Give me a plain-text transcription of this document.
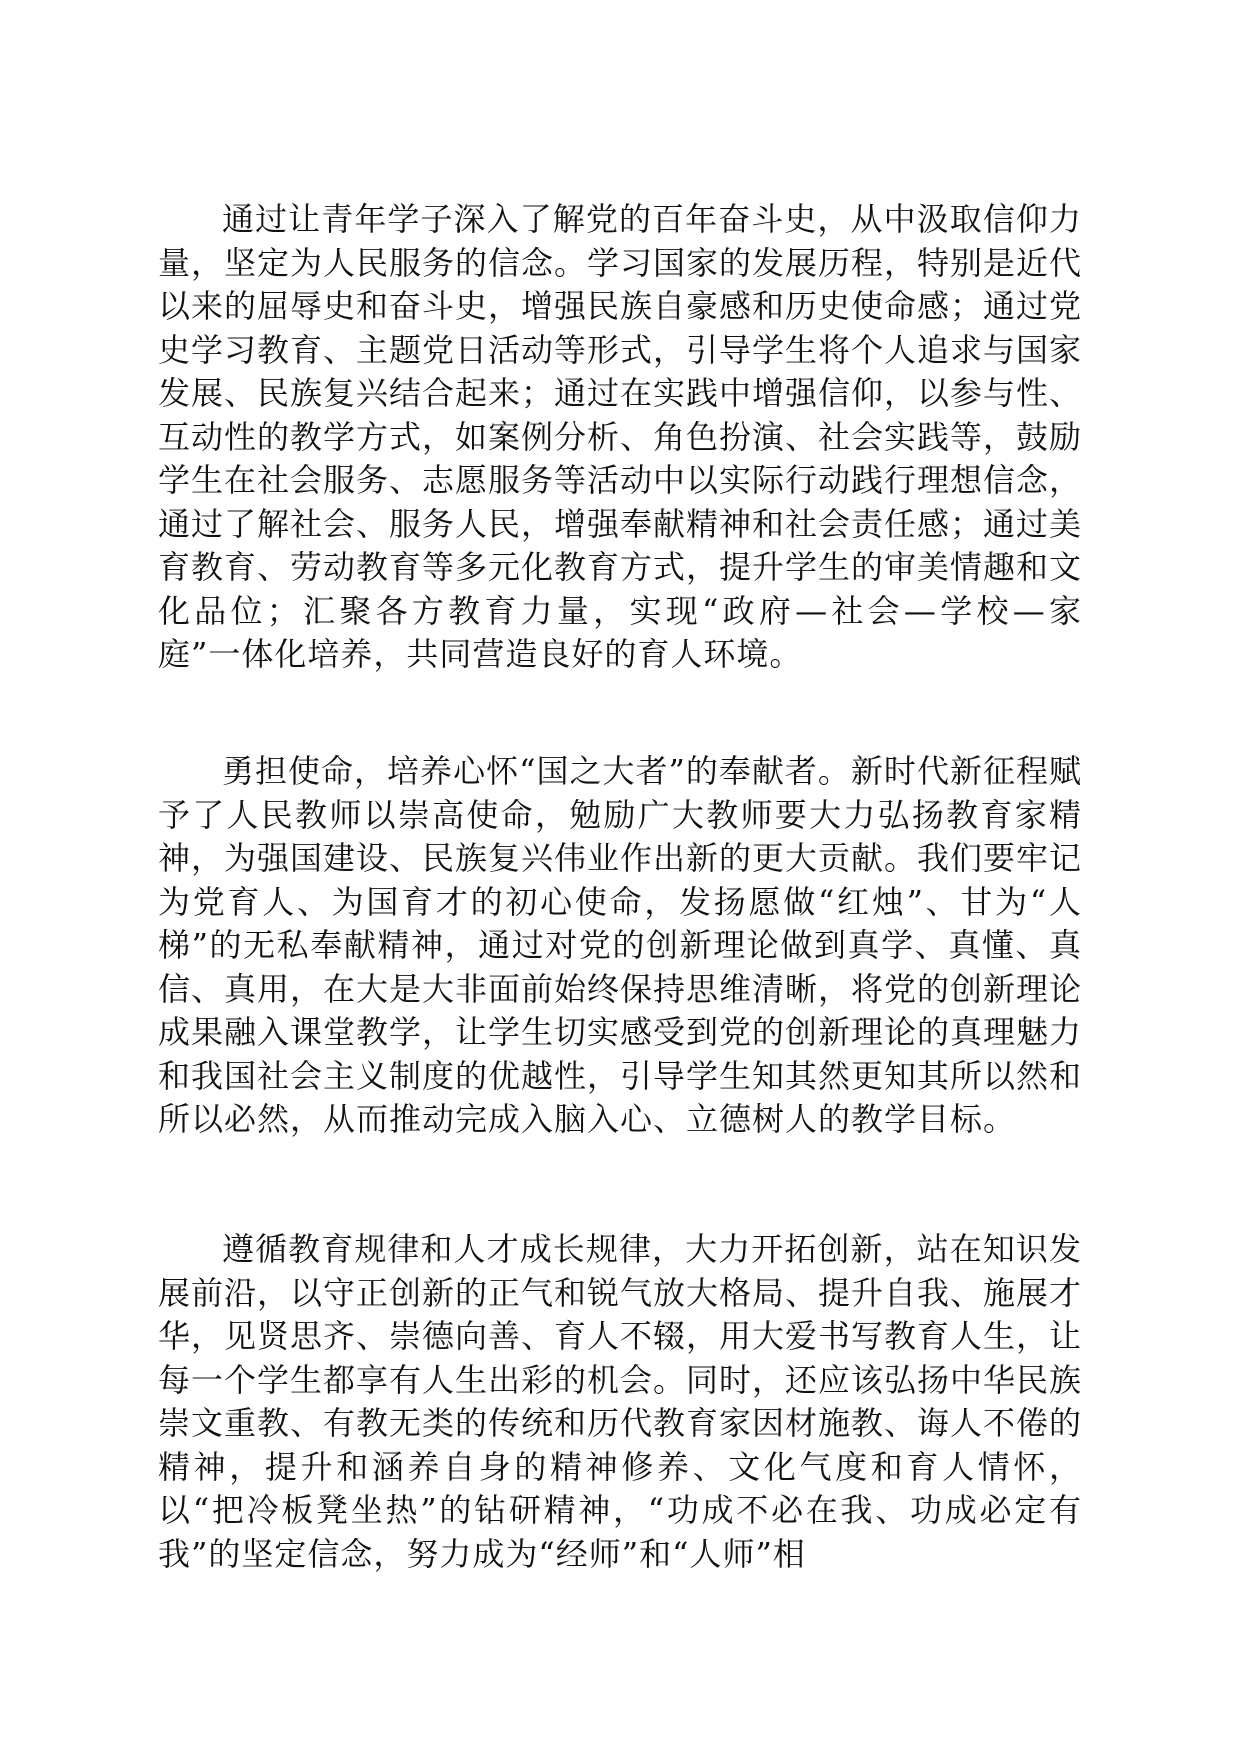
通过让青年学子深入了解党的百年奋斗史，从中汲取信仰力量，坚定为人民服务的信念。学习国家的发展历程，特别是近代以来的屈辱史和奋斗史，增强民族自豪感和历史使命感；通过党史学习教育、主题党日活动等形式，引导学生将个人追求与国家发展、民族复兴结合起来；通过在实践中增强信仰，以参与性、互动性的教学方式，如案例分析、角色扮演、社会实践等，鼓励学生在社会服务、志愿服务等活动中以实际行动践行理想信念，通过了解社会、服务人民，增强奉献精神和社会责任感；通过美育教育、劳动教育等多元化教育方式，提升学生的审美情趣和文化品位；汇聚各方教育力量，实现“政府—社会—学校—家庭”一体化培养，共同营造良好的育人环境。

勇担使命，培养心怀“国之大者”的奉献者。新时代新征程赋予了人民教师以崇高使命，勉励广大教师要大力弘扬教育家精神，为强国建设、民族复兴伟业作出新的更大贡献。我们要牢记为党育人、为国育才的初心使命，发扬愿做“红烛”、甘为“人梯”的无私奉献精神，通过对党的创新理论做到真学、真懂、真信、真用，在大是大非面前始终保持思维清晰，将党的创新理论成果融入课堂教学，让学生切实感受到党的创新理论的真理魅力和我国社会主义制度的优越性，引导学生知其然更知其所以然和所以必然，从而推动完成入脑入心、立德树人的教学目标。

遵循教育规律和人才成长规律，大力开拓创新，站在知识发展前沿，以守正创新的正气和锐气放大格局、提升自我、施展才华，见贤思齐、崇德向善、育人不辍，用大爱书写教育人生，让每一个学生都享有人生出彩的机会。同时，还应该弘扬中华民族崇文重教、有教无类的传统和历代教育家因材施教、诲人不倦的精神，提升和涵养自身的精神修养、文化气度和育人情怀，以“把冷板凳坐热”的钻研精神，“功成不必在我、功成必定有我”的坚定信念，努力成为“经师”和“人师”相
